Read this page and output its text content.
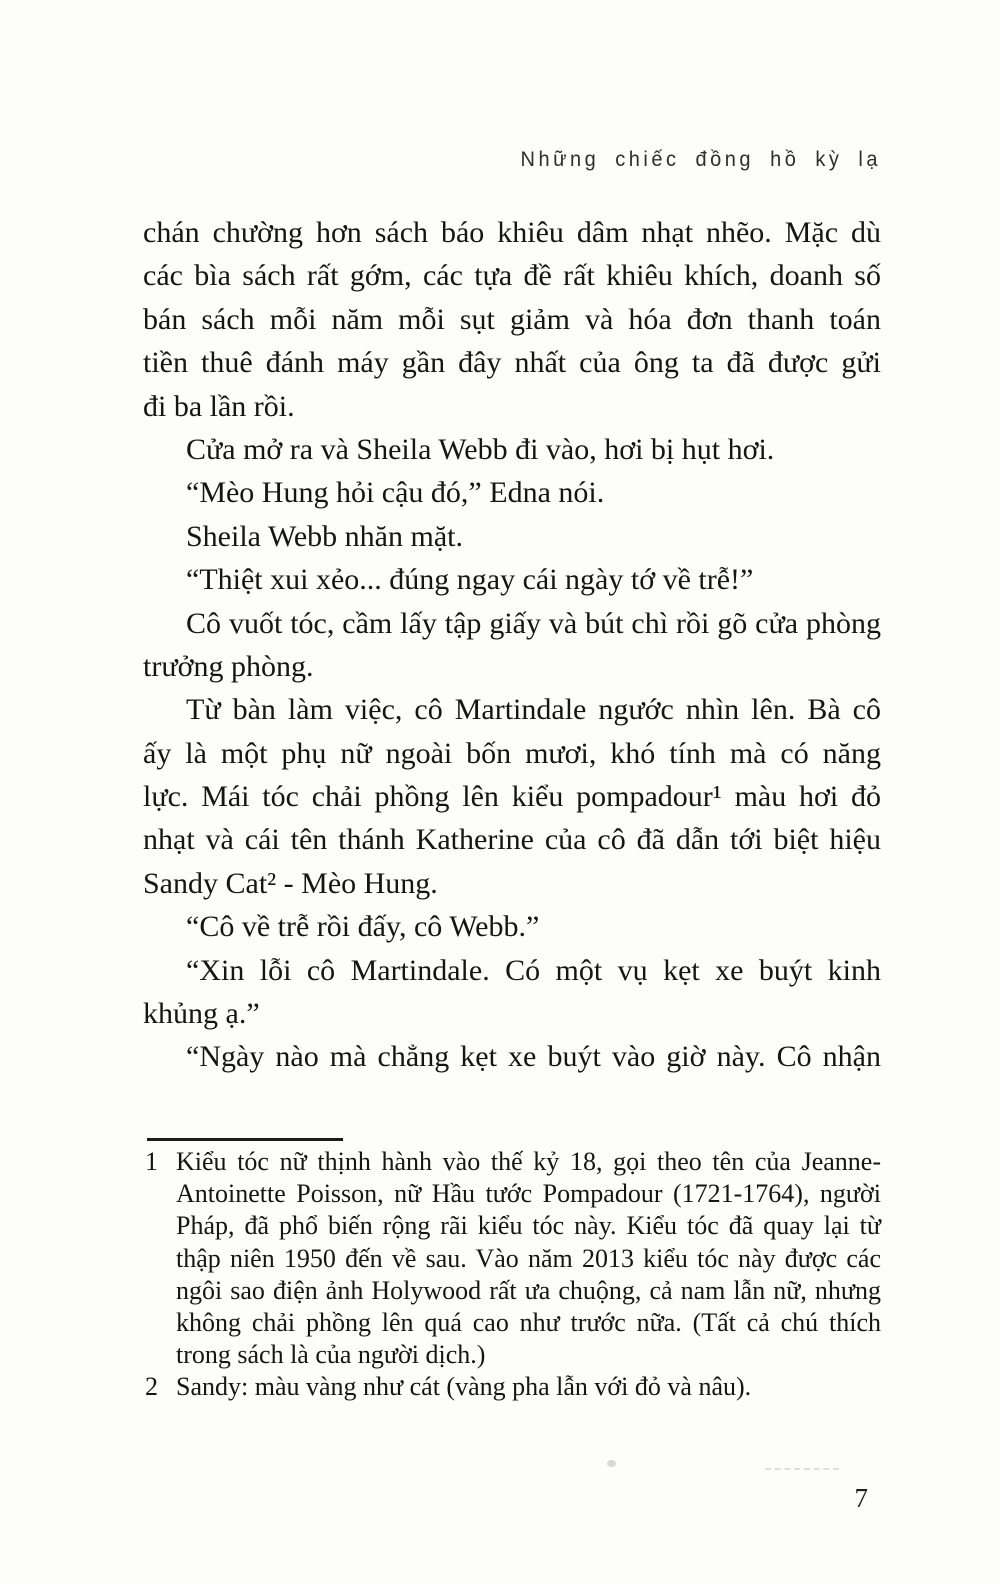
Những chiếc đồng hồ kỳ lạ
chán chường hơn sách báo khiêu dâm nhạt nhẽo. Mặc dù
các bìa sách rất gớm, các tựa đề rất khiêu khích, doanh số
bán sách mỗi năm mỗi sụt giảm và hóa đơn thanh toán
tiền thuê đánh máy gần đây nhất của ông ta đã được gửi
đi ba lần rồi.
Cửa mở ra và Sheila Webb đi vào, hơi bị hụt hơi.
“Mèo Hung hỏi cậu đó,” Edna nói.
Sheila Webb nhăn mặt.
“Thiệt xui xẻo... đúng ngay cái ngày tớ về trễ!”
Cô vuốt tóc, cầm lấy tập giấy và bút chì rồi gõ cửa phòng
trưởng phòng.
Từ bàn làm việc, cô Martindale ngước nhìn lên. Bà cô
ấy là một phụ nữ ngoài bốn mươi, khó tính mà có năng
lực. Mái tóc chải phồng lên kiểu pompadour¹ màu hơi đỏ
nhạt và cái tên thánh Katherine của cô đã dẫn tới biệt hiệu
Sandy Cat² - Mèo Hung.
“Cô về trễ rồi đấy, cô Webb.”
“Xin lỗi cô Martindale. Có một vụ kẹt xe buýt kinh
khủng ạ.”
“Ngày nào mà chẳng kẹt xe buýt vào giờ này. Cô nhận
1 Kiểu tóc nữ thịnh hành vào thế kỷ 18, gọi theo tên của Jeanne-
Antoinette Poisson, nữ Hầu tước Pompadour (1721-1764), người
Pháp, đã phổ biến rộng rãi kiểu tóc này. Kiểu tóc đã quay lại từ
thập niên 1950 đến về sau. Vào năm 2013 kiểu tóc này được các
ngôi sao điện ảnh Holywood rất ưa chuộng, cả nam lẫn nữ, nhưng
không chải phồng lên quá cao như trước nữa. (Tất cả chú thích
trong sách là của người dịch.)
2 Sandy: màu vàng như cát (vàng pha lẫn với đỏ và nâu).
7
